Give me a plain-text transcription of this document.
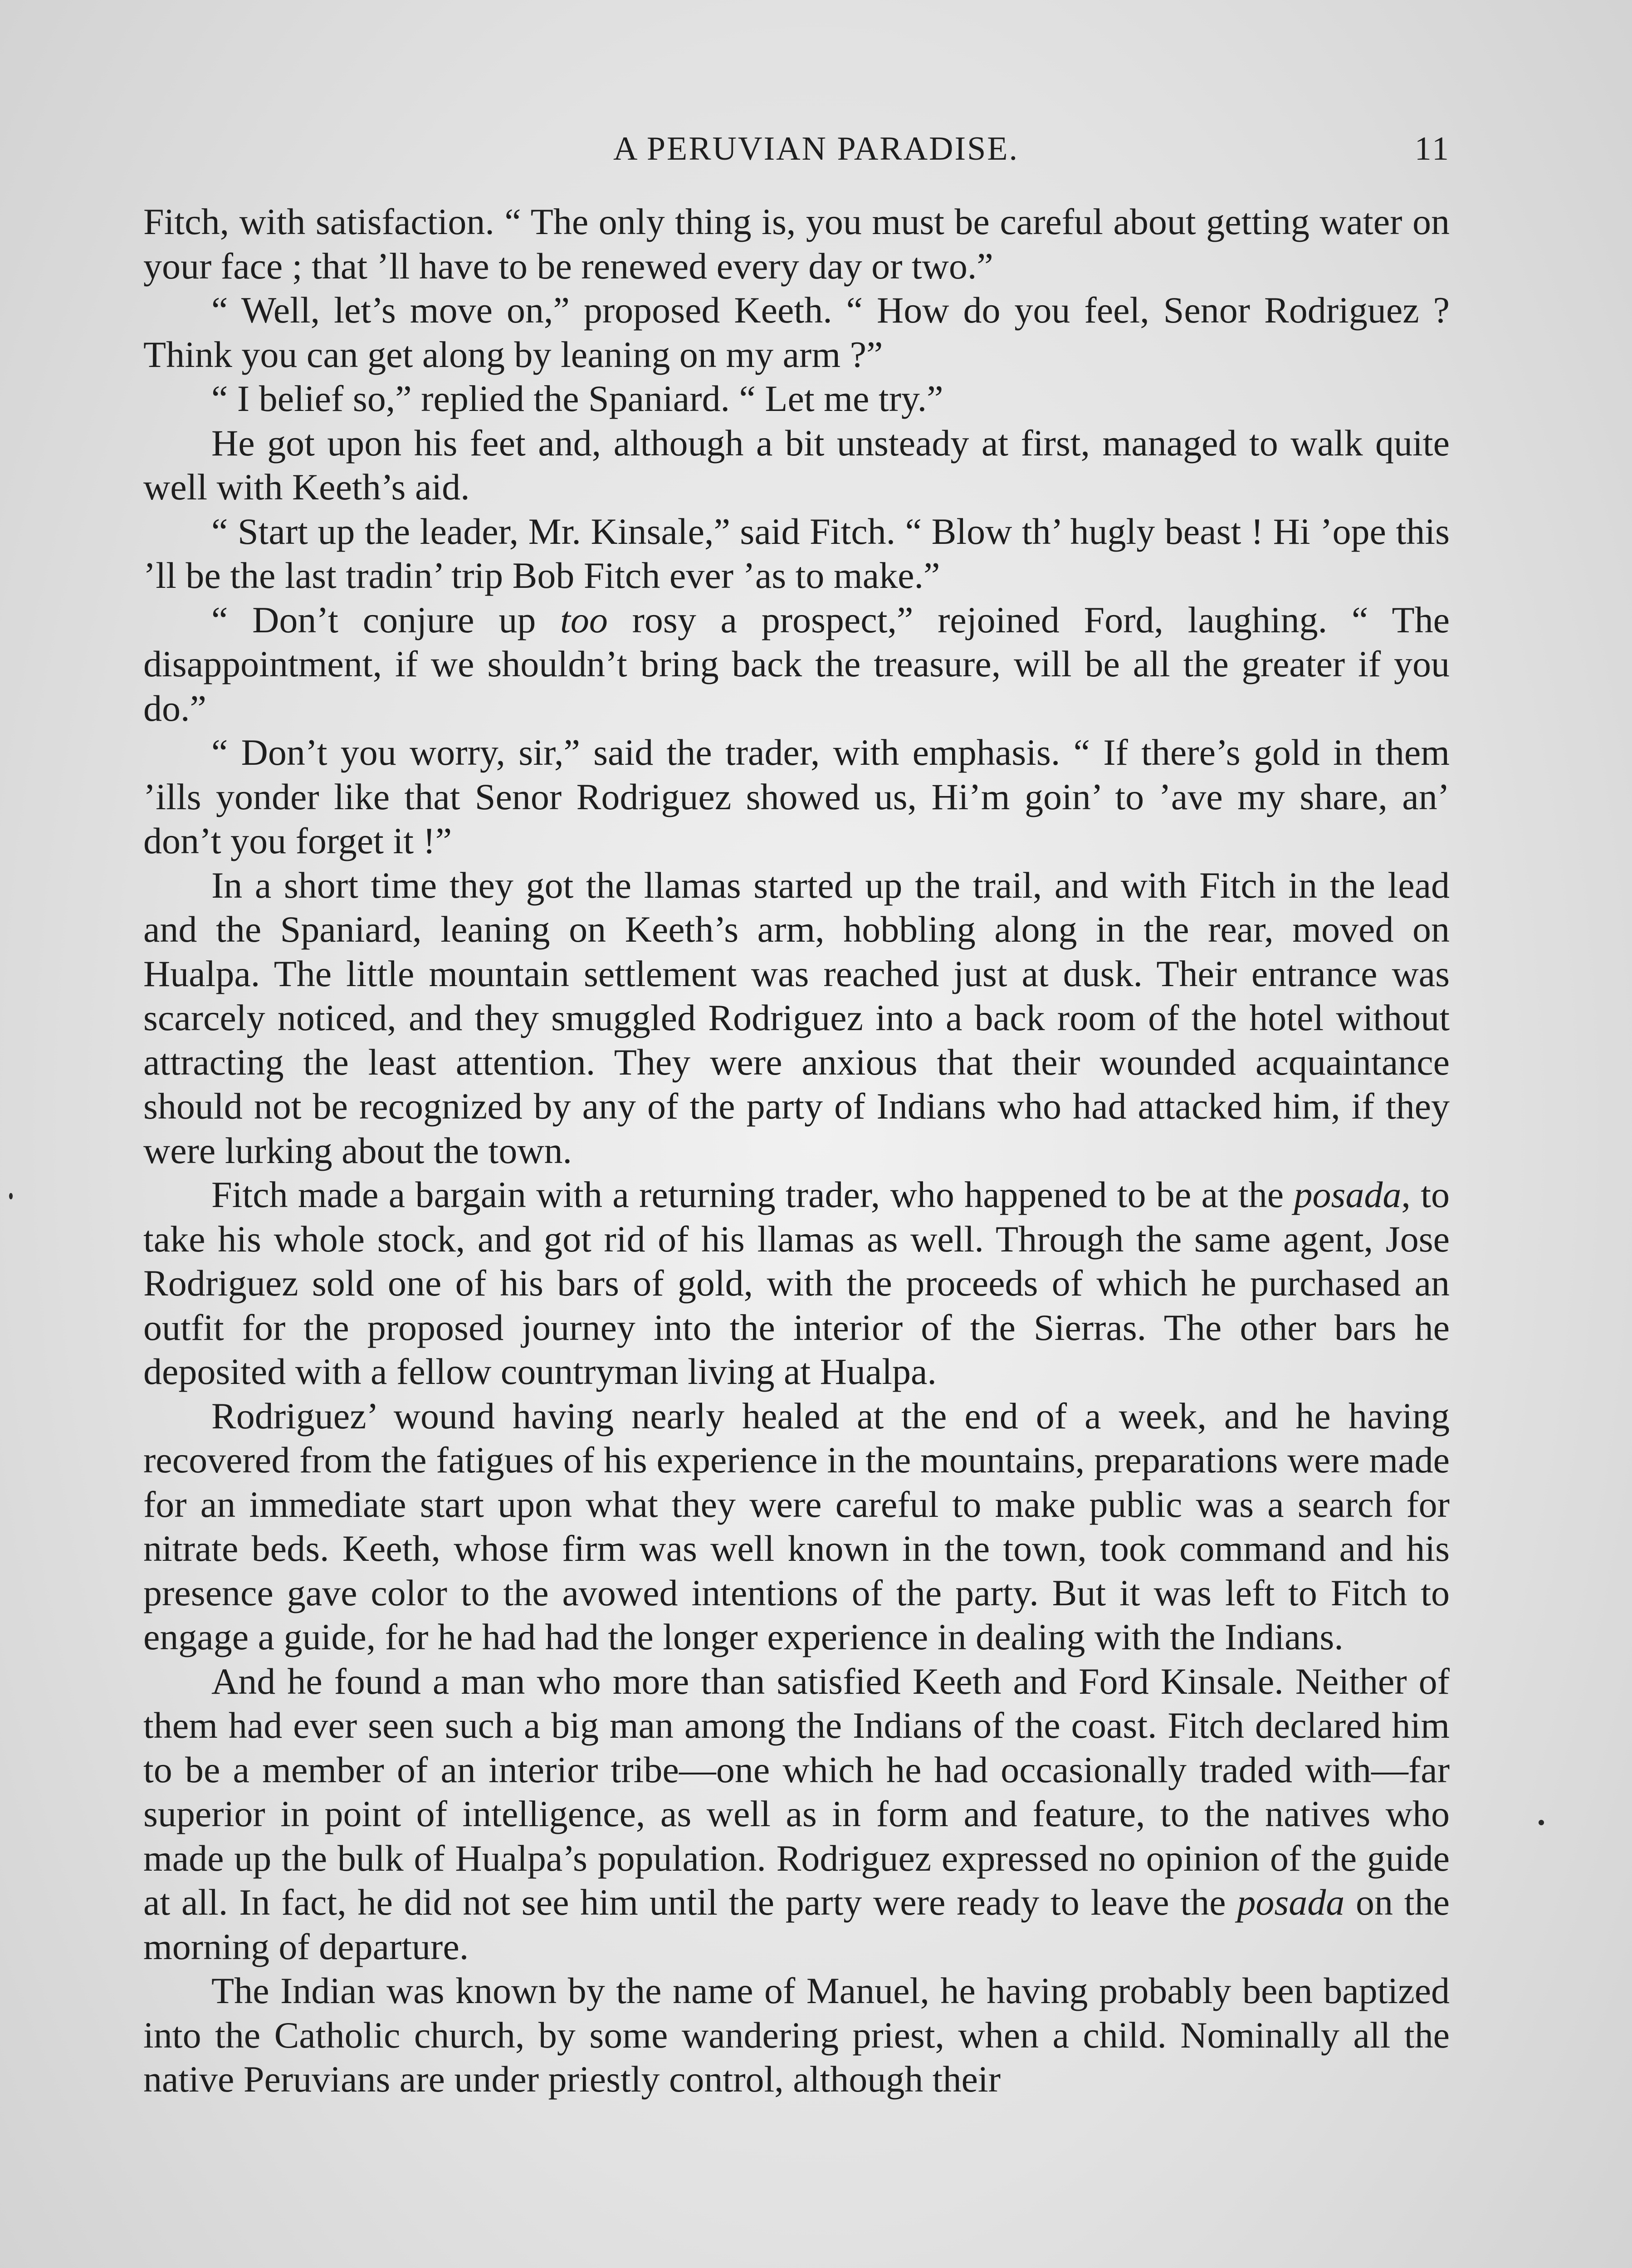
A PERUVIAN PARADISE.	11

Fitch, with satisfaction. “ The only thing is, you must be careful about getting water on your face ; that ’ll have to be renewed every day or two.”

“ Well, let’s move on,” proposed Keeth. “ How do you feel, Senor Rodriguez ? Think you can get along by leaning on my arm ?”

“ I belief so,” replied the Spaniard. “ Let me try.”

He got upon his feet and, although a bit unsteady at first, managed to walk quite well with Keeth’s aid.

“ Start up the leader, Mr. Kinsale,” said Fitch. “ Blow th’ hugly beast ! Hi ’ope this ’ll be the last tradin’ trip Bob Fitch ever ’as to make.”

“ Don’t conjure up too rosy a prospect,” rejoined Ford, laughing. “ The disappointment, if we shouldn’t bring back the treasure, will be all the greater if you do.”

“ Don’t you worry, sir,” said the trader, with emphasis. “ If there’s gold in them ’ills yonder like that Senor Rodriguez showed us, Hi’m goin’ to ’ave my share, an’ don’t you forget it !”

In a short time they got the llamas started up the trail, and with Fitch in the lead and the Spaniard, leaning on Keeth’s arm, hobbling along in the rear, moved on Hualpa. The little mountain settlement was reached just at dusk. Their entrance was scarcely noticed, and they smuggled Rodriguez into a back room of the hotel without attracting the least attention. They were anxious that their wounded acquaintance should not be recognized by any of the party of Indians who had attacked him, if they were lurking about the town.

Fitch made a bargain with a returning trader, who happened to be at the posada, to take his whole stock, and got rid of his llamas as well. Through the same agent, Jose Rodriguez sold one of his bars of gold, with the proceeds of which he purchased an outfit for the proposed journey into the interior of the Sierras. The other bars he deposited with a fellow countryman living at Hualpa.

Rodriguez’ wound having nearly healed at the end of a week, and he having recovered from the fatigues of his experience in the mountains, preparations were made for an immediate start upon what they were careful to make public was a search for nitrate beds. Keeth, whose firm was well known in the town, took command and his presence gave color to the avowed intentions of the party. But it was left to Fitch to engage a guide, for he had had the longer experience in dealing with the Indians.

And he found a man who more than satisfied Keeth and Ford Kinsale. Neither of them had ever seen such a big man among the Indians of the coast. Fitch declared him to be a member of an interior tribe—one which he had occasionally traded with—far superior in point of intelligence, as well as in form and feature, to the natives who made up the bulk of Hualpa’s population. Rodriguez expressed no opinion of the guide at all. In fact, he did not see him until the party were ready to leave the posada on the morning of departure.

The Indian was known by the name of Manuel, he having probably been baptized into the Catholic church, by some wandering priest, when a child. Nominally all the native Peruvians are under priestly control, although their
